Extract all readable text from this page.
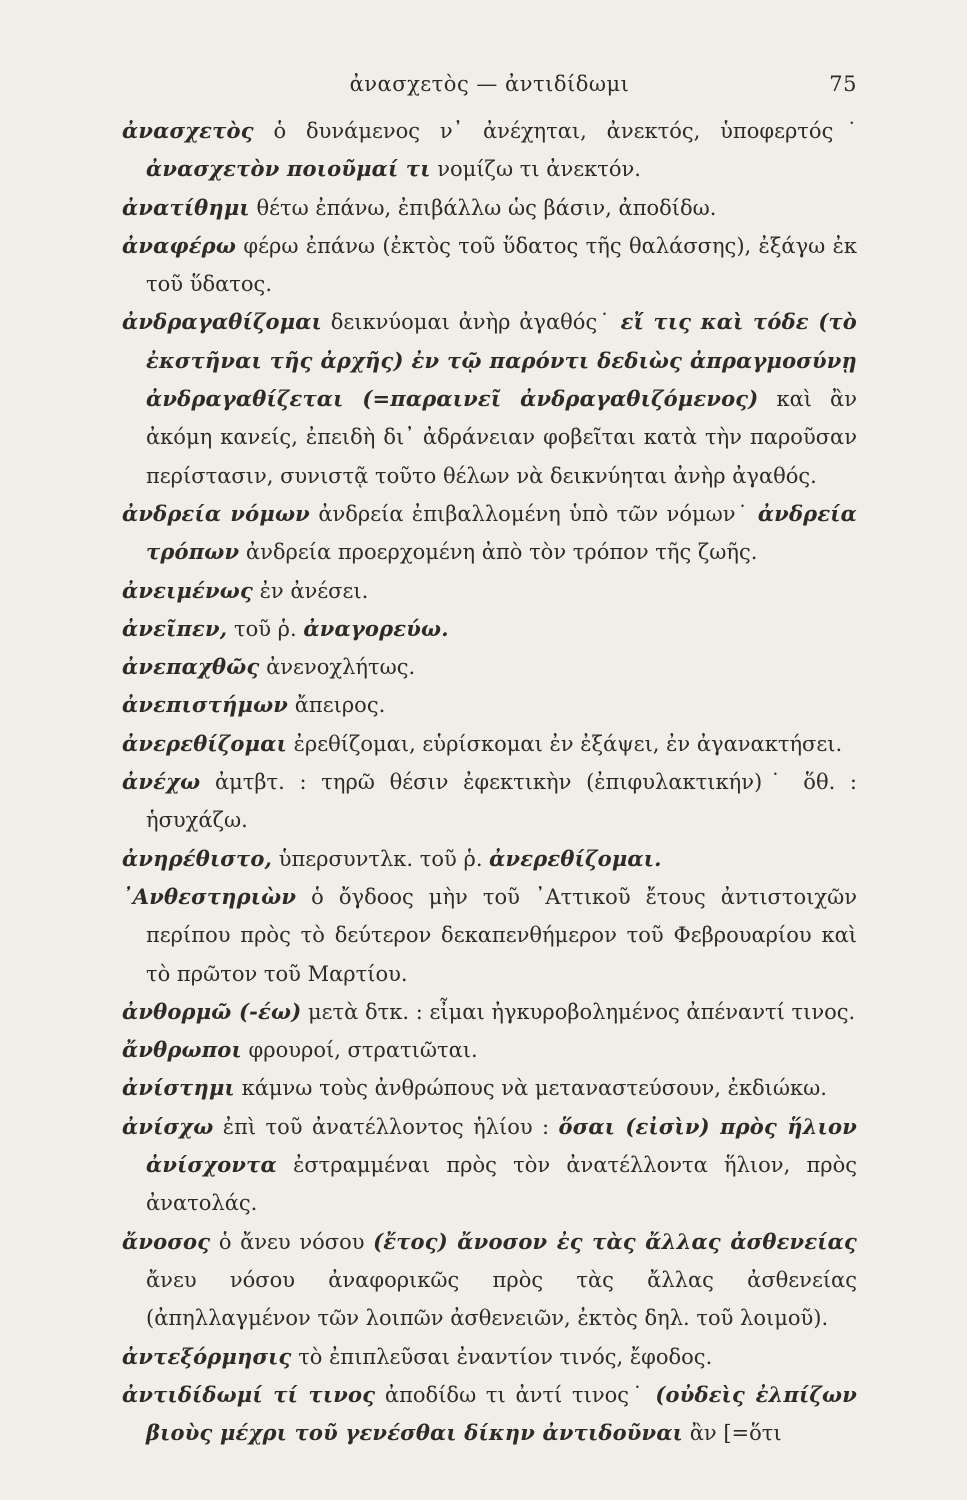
ἀνασχετὸς — ἀντιδίδωμι	75

ἀνασχετὸς ὁ δυνάμενος ν᾽ ἀνέχηται, ἀνεκτός, ὑποφερτός˙ ἀνασχετὸν ποιοῦμαί τι νομίζω τι ἀνεκτόν.

ἀνατίθημι θέτω ἐπάνω, ἐπιβάλλω ὡς βάσιν, ἀποδίδω.

ἀναφέρω φέρω ἐπάνω (ἐκτὸς τοῦ ὕδατος τῆς θαλάσσης), ἐξάγω ἐκ τοῦ ὕδατος.

ἀνδραγαθίζομαι δεικνύομαι ἀνὴρ ἀγαθός˙ εἴ τις καὶ τόδε (τὸ ἐκστῆναι τῆς ἀρχῆς) ἐν τῷ παρόντι δεδιὼς ἀπραγμοσύνῃ ἀνδραγαθίζεται (=παραινεῖ ἀνδραγαθιζόμενος) καὶ ἂν ἀκόμη κανείς, ἐπειδὴ δι᾽ ἀδράνειαν φοβεῖται κατὰ τὴν παροῦσαν περίστασιν, συνιστᾷ τοῦτο θέλων νὰ δεικνύηται ἀνὴρ ἀγαθός.

ἀνδρεία νόμων ἀνδρεία ἐπιβαλλομένη ὑπὸ τῶν νόμων˙ ἀνδρεία τρόπων ἀνδρεία προερχομένη ἀπὸ τὸν τρόπον τῆς ζωῆς.

ἀνειμένως ἐν ἀνέσει.

ἀνεῖπεν, τοῦ ῥ. ἀναγορεύω.

ἀνεπαχθῶς ἀνενοχλήτως.

ἀνεπιστήμων ἄπειρος.

ἀνερεθίζομαι ἐρεθίζομαι, εὑρίσκομαι ἐν ἐξάψει, ἐν ἀγανακτήσει.

ἀνέχω ἀμτβτ. : τηρῶ θέσιν ἐφεκτικὴν (ἐπιφυλακτικήν)˙ ὅθ. : ἡσυχάζω.

ἀνηρέθιστο, ὑπερσυντλκ. τοῦ ῥ. ἀνερεθίζομαι.

᾽Ανθεστηριὼν ὁ ὄγδοος μὴν τοῦ ᾽Αττικοῦ ἔτους ἀντιστοιχῶν περίπου πρὸς τὸ δεύτερον δεκαπενθήμερον τοῦ Φεβρουαρίου καὶ τὸ πρῶτον τοῦ Μαρτίου.

ἀνθορμῶ (-έω) μετὰ δτκ. : εἶμαι ἠγκυροβολημένος ἀπέναντί τινος.

ἄνθρωποι φρουροί, στρατιῶται.

ἀνίστημι κάμνω τοὺς ἀνθρώπους νὰ μεταναστεύσουν, ἐκδιώκω.

ἀνίσχω ἐπὶ τοῦ ἀνατέλλοντος ἡλίου : ὅσαι (εἰσὶν) πρὸς ἥλιον ἀνίσχοντα ἐστραμμέναι πρὸς τὸν ἀνατέλλοντα ἥλιον, πρὸς ἀνατολάς.

ἄνοσος ὁ ἄνευ νόσου (ἔτος) ἄνοσον ἐς τὰς ἄλλας ἀσθενείας ἄνευ νόσου ἀναφορικῶς πρὸς τὰς ἄλλας ἀσθενείας (ἀπηλλαγμένον τῶν λοιπῶν ἀσθενειῶν, ἐκτὸς δηλ. τοῦ λοιμοῦ).

ἀντεξόρμησις τὸ ἐπιπλεῦσαι ἐναντίον τινός, ἔφοδος.

ἀντιδίδωμί τί τινος ἀποδίδω τι ἀντί τινος˙ (οὐδεὶς ἐλπίζων βιοὺς μέχρι τοῦ γενέσθαι δίκην ἀντιδοῦναι ἂν [=ὅτι
